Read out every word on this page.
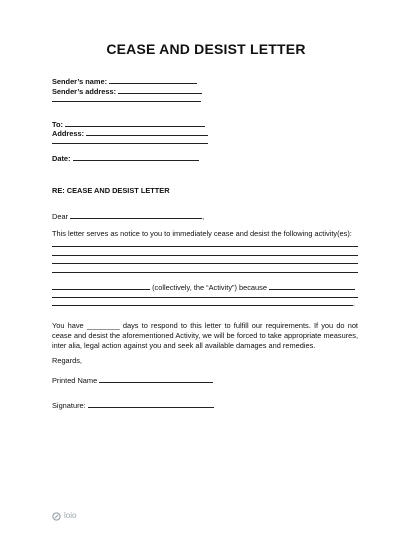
CEASE AND DESIST LETTER
Sender’s name:
Sender’s address:
To:
Address:
Date:
RE: CEASE AND DESIST LETTER
Dear	,
This letter serves as notice to you to immediately cease and desist the following activity(es):
(collectively, the “Activity”) because
.
You have ________ days to respond to this letter to fulfill our requirements. If you do not cease and desist the aforementioned Activity, we will be forced to take appropriate measures, inter alia, legal action against you and seek all available damages and remedies.
Regards,
Printed Name
Signature:
loio
